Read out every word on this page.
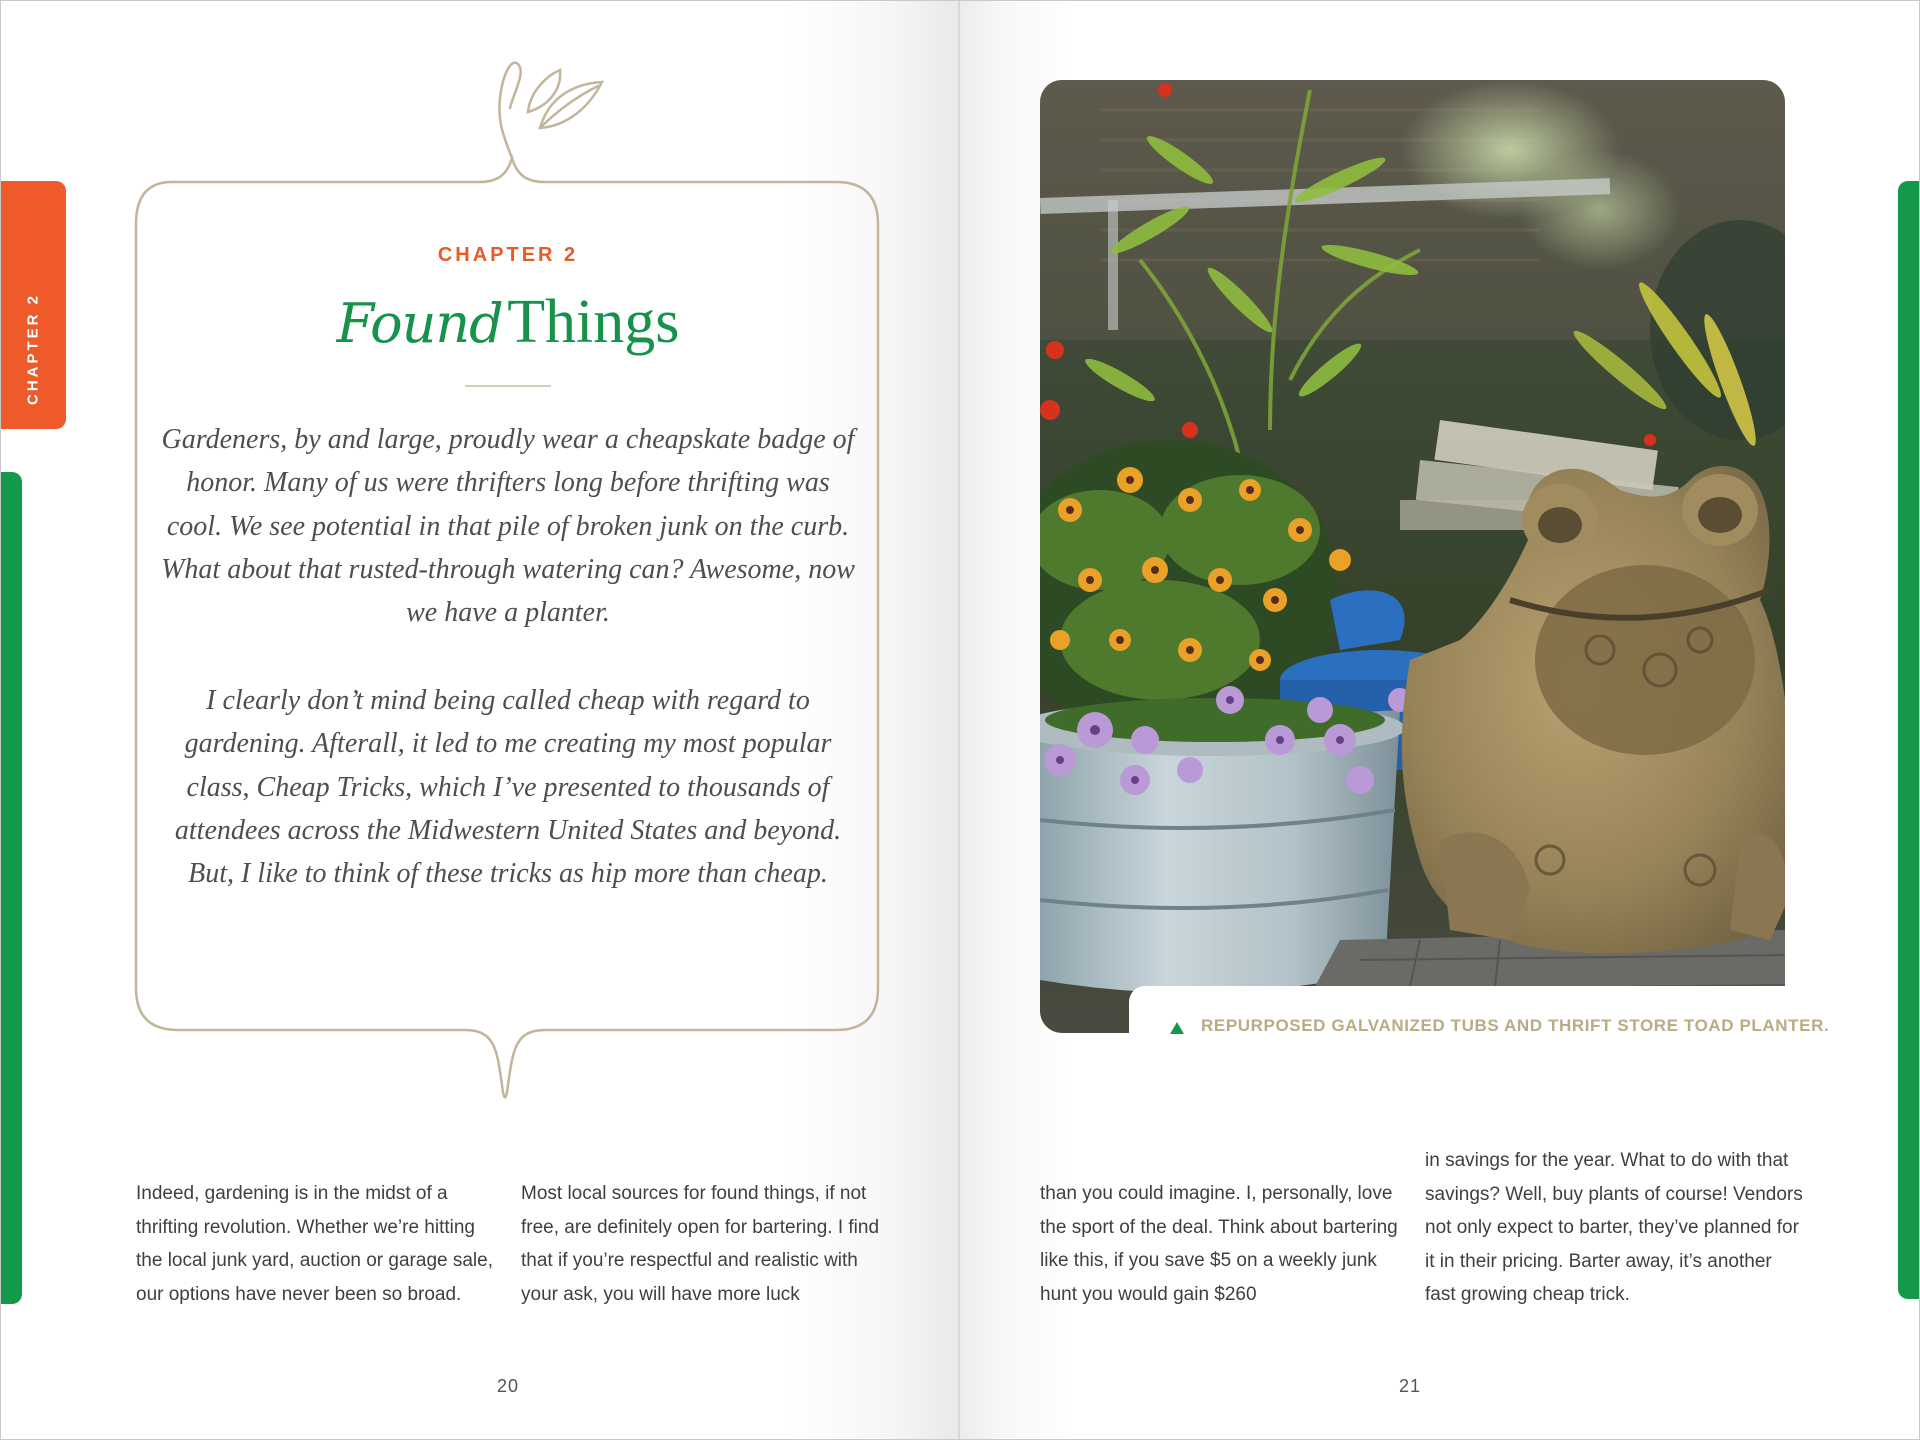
CHAPTER 2
CHAPTER 2
Found Things

Gardeners, by and large, proudly wear a cheapskate badge of honor. Many of us were thrifters long before thrifting was cool. We see potential in that pile of broken junk on the curb. What about that rusted-through watering can? Awesome, now we have a planter.

I clearly don’t mind being called cheap with regard to gardening. Afterall, it led to me creating my most popular class, Cheap Tricks, which I’ve presented to thousands of attendees across the Midwestern United States and beyond. But, I like to think of these tricks as hip more than cheap.

Indeed, gardening is in the midst of a thrifting revolution. Whether we’re hitting the local junk yard, auction or garage sale, our options have never been so broad.

Most local sources for found things, if not free, are definitely open for bartering. I find that if you’re respectful and realistic with your ask, you will have more luck

20
REPURPOSED GALVANIZED TUBS AND THRIFT STORE TOAD PLANTER.

than you could imagine. I, personally, love the sport of the deal. Think about bartering like this, if you save $5 on a weekly junk hunt you would gain $260

in savings for the year. What to do with that savings? Well, buy plants of course! Vendors not only expect to barter, they’ve planned for it in their pricing. Barter away, it’s another fast growing cheap trick.

21
